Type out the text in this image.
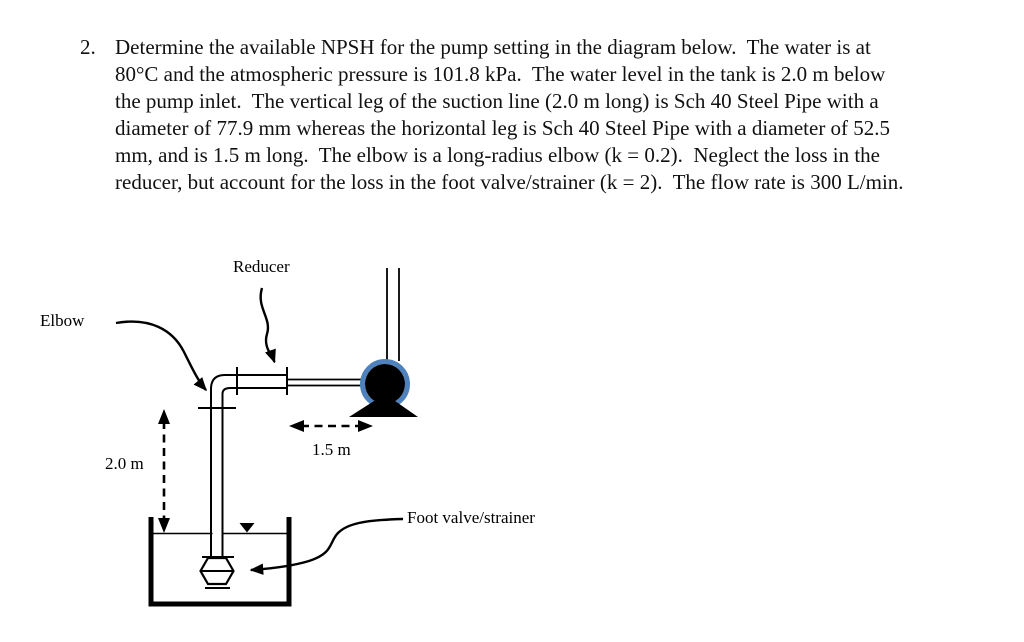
2. Determine the available NPSH for the pump setting in the diagram below.  The water is at
80°C and the atmospheric pressure is 101.8 kPa.  The water level in the tank is 2.0 m below
the pump inlet.  The vertical leg of the suction line (2.0 m long) is Sch 40 Steel Pipe with a
diameter of 77.9 mm whereas the horizontal leg is Sch 40 Steel Pipe with a diameter of 52.5
mm, and is 1.5 m long.  The elbow is a long-radius elbow (k = 0.2).  Neglect the loss in the
reducer, but account for the loss in the foot valve/strainer (k = 2).  The flow rate is 300 L/min.
Reducer
Elbow
2.0 m
1.5 m
Foot valve/strainer
